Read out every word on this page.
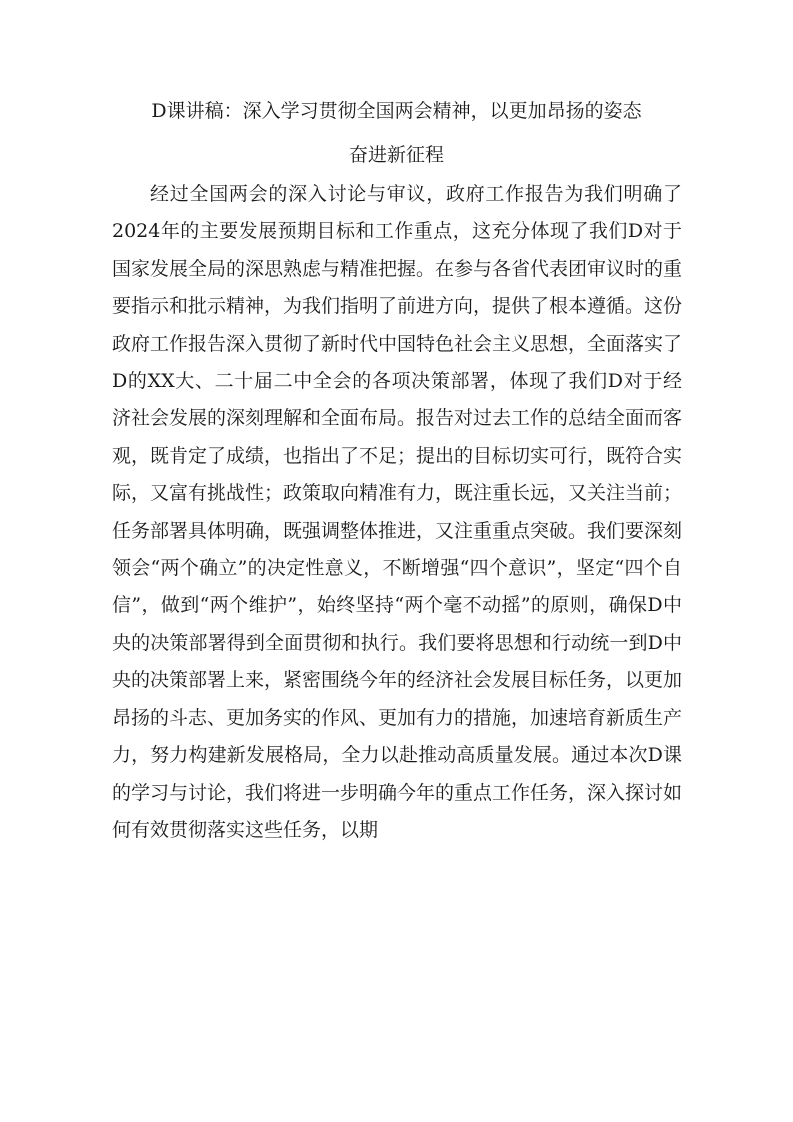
D课讲稿：深入学习贯彻全国两会精神，以更加昂扬的姿态
奋进新征程

经过全国两会的深入讨论与审议，政府工作报告为我们明确了2024年的主要发展预期目标和工作重点，这充分体现了我们D对于国家发展全局的深思熟虑与精准把握。在参与各省代表团审议时的重要指示和批示精神，为我们指明了前进方向，提供了根本遵循。这份政府工作报告深入贯彻了新时代中国特色社会主义思想，全面落实了D的XX大、二十届二中全会的各项决策部署，体现了我们D对于经济社会发展的深刻理解和全面布局。报告对过去工作的总结全面而客观，既肯定了成绩，也指出了不足；提出的目标切实可行，既符合实际，又富有挑战性；政策取向精准有力，既注重长远，又关注当前；任务部署具体明确，既强调整体推进，又注重重点突破。我们要深刻领会“两个确立”的决定性意义，不断增强“四个意识”，坚定“四个自信”，做到“两个维护”，始终坚持“两个毫不动摇”的原则，确保D中央的决策部署得到全面贯彻和执行。我们要将思想和行动统一到D中央的决策部署上来，紧密围绕今年的经济社会发展目标任务，以更加昂扬的斗志、更加务实的作风、更加有力的措施，加速培育新质生产力，努力构建新发展格局，全力以赴推动高质量发展。通过本次D课的学习与讨论，我们将进一步明确今年的重点工作任务，深入探讨如何有效贯彻落实这些任务，以期
